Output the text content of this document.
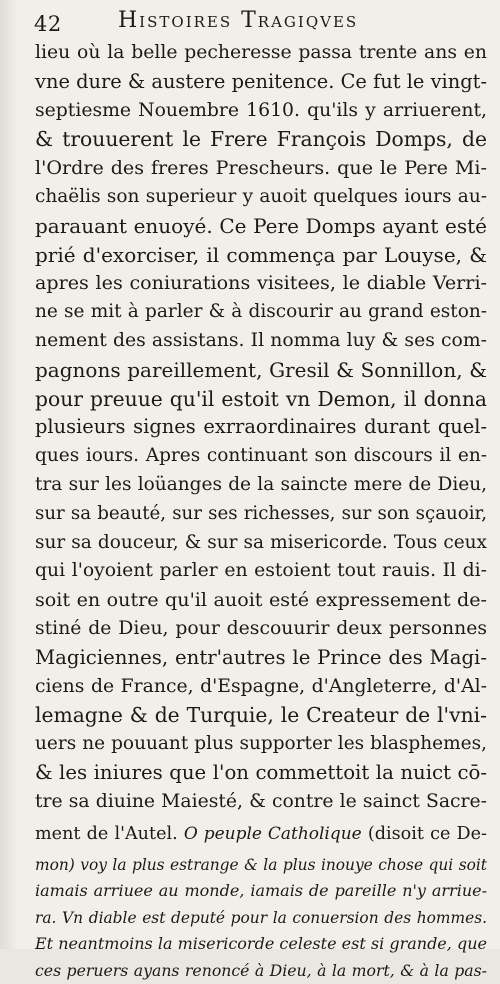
42	Histoires Tragiqves
lieu où la belle pecheresse passa trente ans en
vne dure & austere penitence. Ce fut le vingt-
septiesme Nouembre 1610. qu'ils y arriuerent,
& trouuerent le Frere François Domps, de
l'Ordre des freres Prescheurs. que le Pere Mi-
chaëlis son superieur y auoit quelques iours au-
parauant enuoyé. Ce Pere Domps ayant esté
prié d'exorciser, il commença par Louyse, &
apres les coniurations visitees, le diable Verri-
ne se mit à parler & à discourir au grand eston-
nement des assistans. Il nomma luy & ses com-
pagnons pareillement, Gresil & Sonnillon, &
pour preuue qu'il estoit vn Demon, il donna
plusieurs signes exrraordinaires durant quel-
ques iours. Apres continuant son discours il en-
tra sur les loüanges de la saincte mere de Dieu,
sur sa beauté, sur ses richesses, sur son sçauoir,
sur sa douceur, & sur sa misericorde. Tous ceux
qui l'oyoient parler en estoient tout rauis. Il di-
soit en outre qu'il auoit esté expressement de-
stiné de Dieu, pour descouurir deux personnes
Magiciennes, entr'autres le Prince des Magi-
ciens de France, d'Espagne, d'Angleterre, d'Al-
lemagne & de Turquie, le Createur de l'vni-
uers ne pouuant plus supporter les blasphemes,
& les iniures que l'on commettoit la nuict cō-
tre sa diuine Maiesté, & contre le sainct Sacre-
ment de l'Autel. O peuple Catholique (disoit ce De-
mon) voy la plus estrange & la plus inouye chose qui soit
iamais arriuee au monde, iamais de pareille n'y arriue-
ra. Vn diable est deputé pour la conuersion des hommes.
Et neantmoins la misericorde celeste est si grande, que
ces peruers ayans renoncé à Dieu, à la mort, & à la pas-
